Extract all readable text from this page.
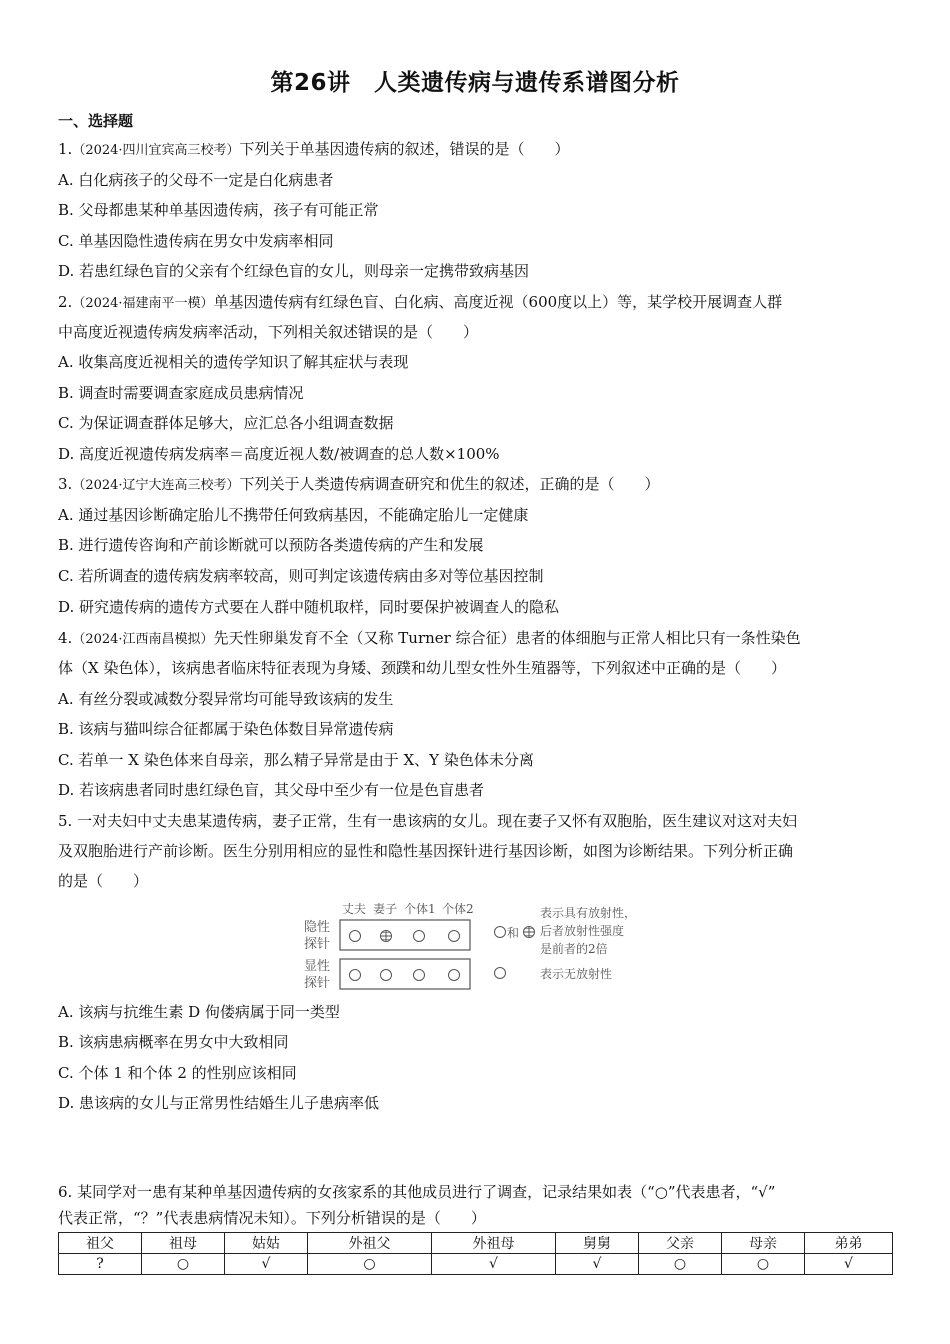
第26讲　人类遗传病与遗传系谱图分析
一、选择题
1.（2024·四川宜宾高三校考）下列关于单基因遗传病的叙述，错误的是（　　）
A. 白化病孩子的父母不一定是白化病患者
B. 父母都患某种单基因遗传病，孩子有可能正常
C. 单基因隐性遗传病在男女中发病率相同
D. 若患红绿色盲的父亲有个红绿色盲的女儿，则母亲一定携带致病基因
2.（2024·福建南平一模）单基因遗传病有红绿色盲、白化病、高度近视（600度以上）等，某学校开展调查人群
中高度近视遗传病发病率活动，下列相关叙述错误的是（　　）
A. 收集高度近视相关的遗传学知识了解其症状与表现
B. 调查时需要调查家庭成员患病情况
C. 为保证调查群体足够大，应汇总各小组调查数据
D. 高度近视遗传病发病率＝高度近视人数/被调查的总人数×100%
3.（2024·辽宁大连高三校考）下列关于人类遗传病调查研究和优生的叙述，正确的是（　　）
A. 通过基因诊断确定胎儿不携带任何致病基因，不能确定胎儿一定健康
B. 进行遗传咨询和产前诊断就可以预防各类遗传病的产生和发展
C. 若所调查的遗传病发病率较高，则可判定该遗传病由多对等位基因控制
D. 研究遗传病的遗传方式要在人群中随机取样，同时要保护被调查人的隐私
4.（2024·江西南昌模拟）先天性卵巢发育不全（又称 Turner 综合征）患者的体细胞与正常人相比只有一条性染色
体（X 染色体），该病患者临床特征表现为身矮、颈蹼和幼儿型女性外生殖器等，下列叙述中正确的是（　　）
A. 有丝分裂或减数分裂异常均可能导致该病的发生
B. 该病与猫叫综合征都属于染色体数目异常遗传病
C. 若单一 X 染色体来自母亲，那么精子异常是由于 X、Y 染色体未分离
D. 若该病患者同时患红绿色盲，其父母中至少有一位是色盲患者
5. 一对夫妇中丈夫患某遗传病，妻子正常，生有一患该病的女儿。现在妻子又怀有双胞胎，医生建议对这对夫妇
及双胞胎进行产前诊断。医生分别用相应的显性和隐性基因探针进行基因诊断，如图为诊断结果。下列分析正确
的是（　　）
丈夫 妻子 个体1 个体2
隐性
探针
显性
探针
和
表示具有放射性，
后者放射性强度
是前者的2倍
表示无放射性
A. 该病与抗维生素 D 佝偻病属于同一类型
B. 该病患病概率在男女中大致相同
C. 个体 1 和个体 2 的性别应该相同
D. 患该病的女儿与正常男性结婚生儿子患病率低
6. 某同学对一患有某种单基因遗传病的女孩家系的其他成员进行了调查，记录结果如表（“○”代表患者，“√”
代表正常，“？”代表患病情况未知）。下列分析错误的是（　　）
祖父	祖母	姑姑	外祖父	外祖母	舅舅	父亲	母亲	弟弟
?	○	√	○	√	√	○	○	√
